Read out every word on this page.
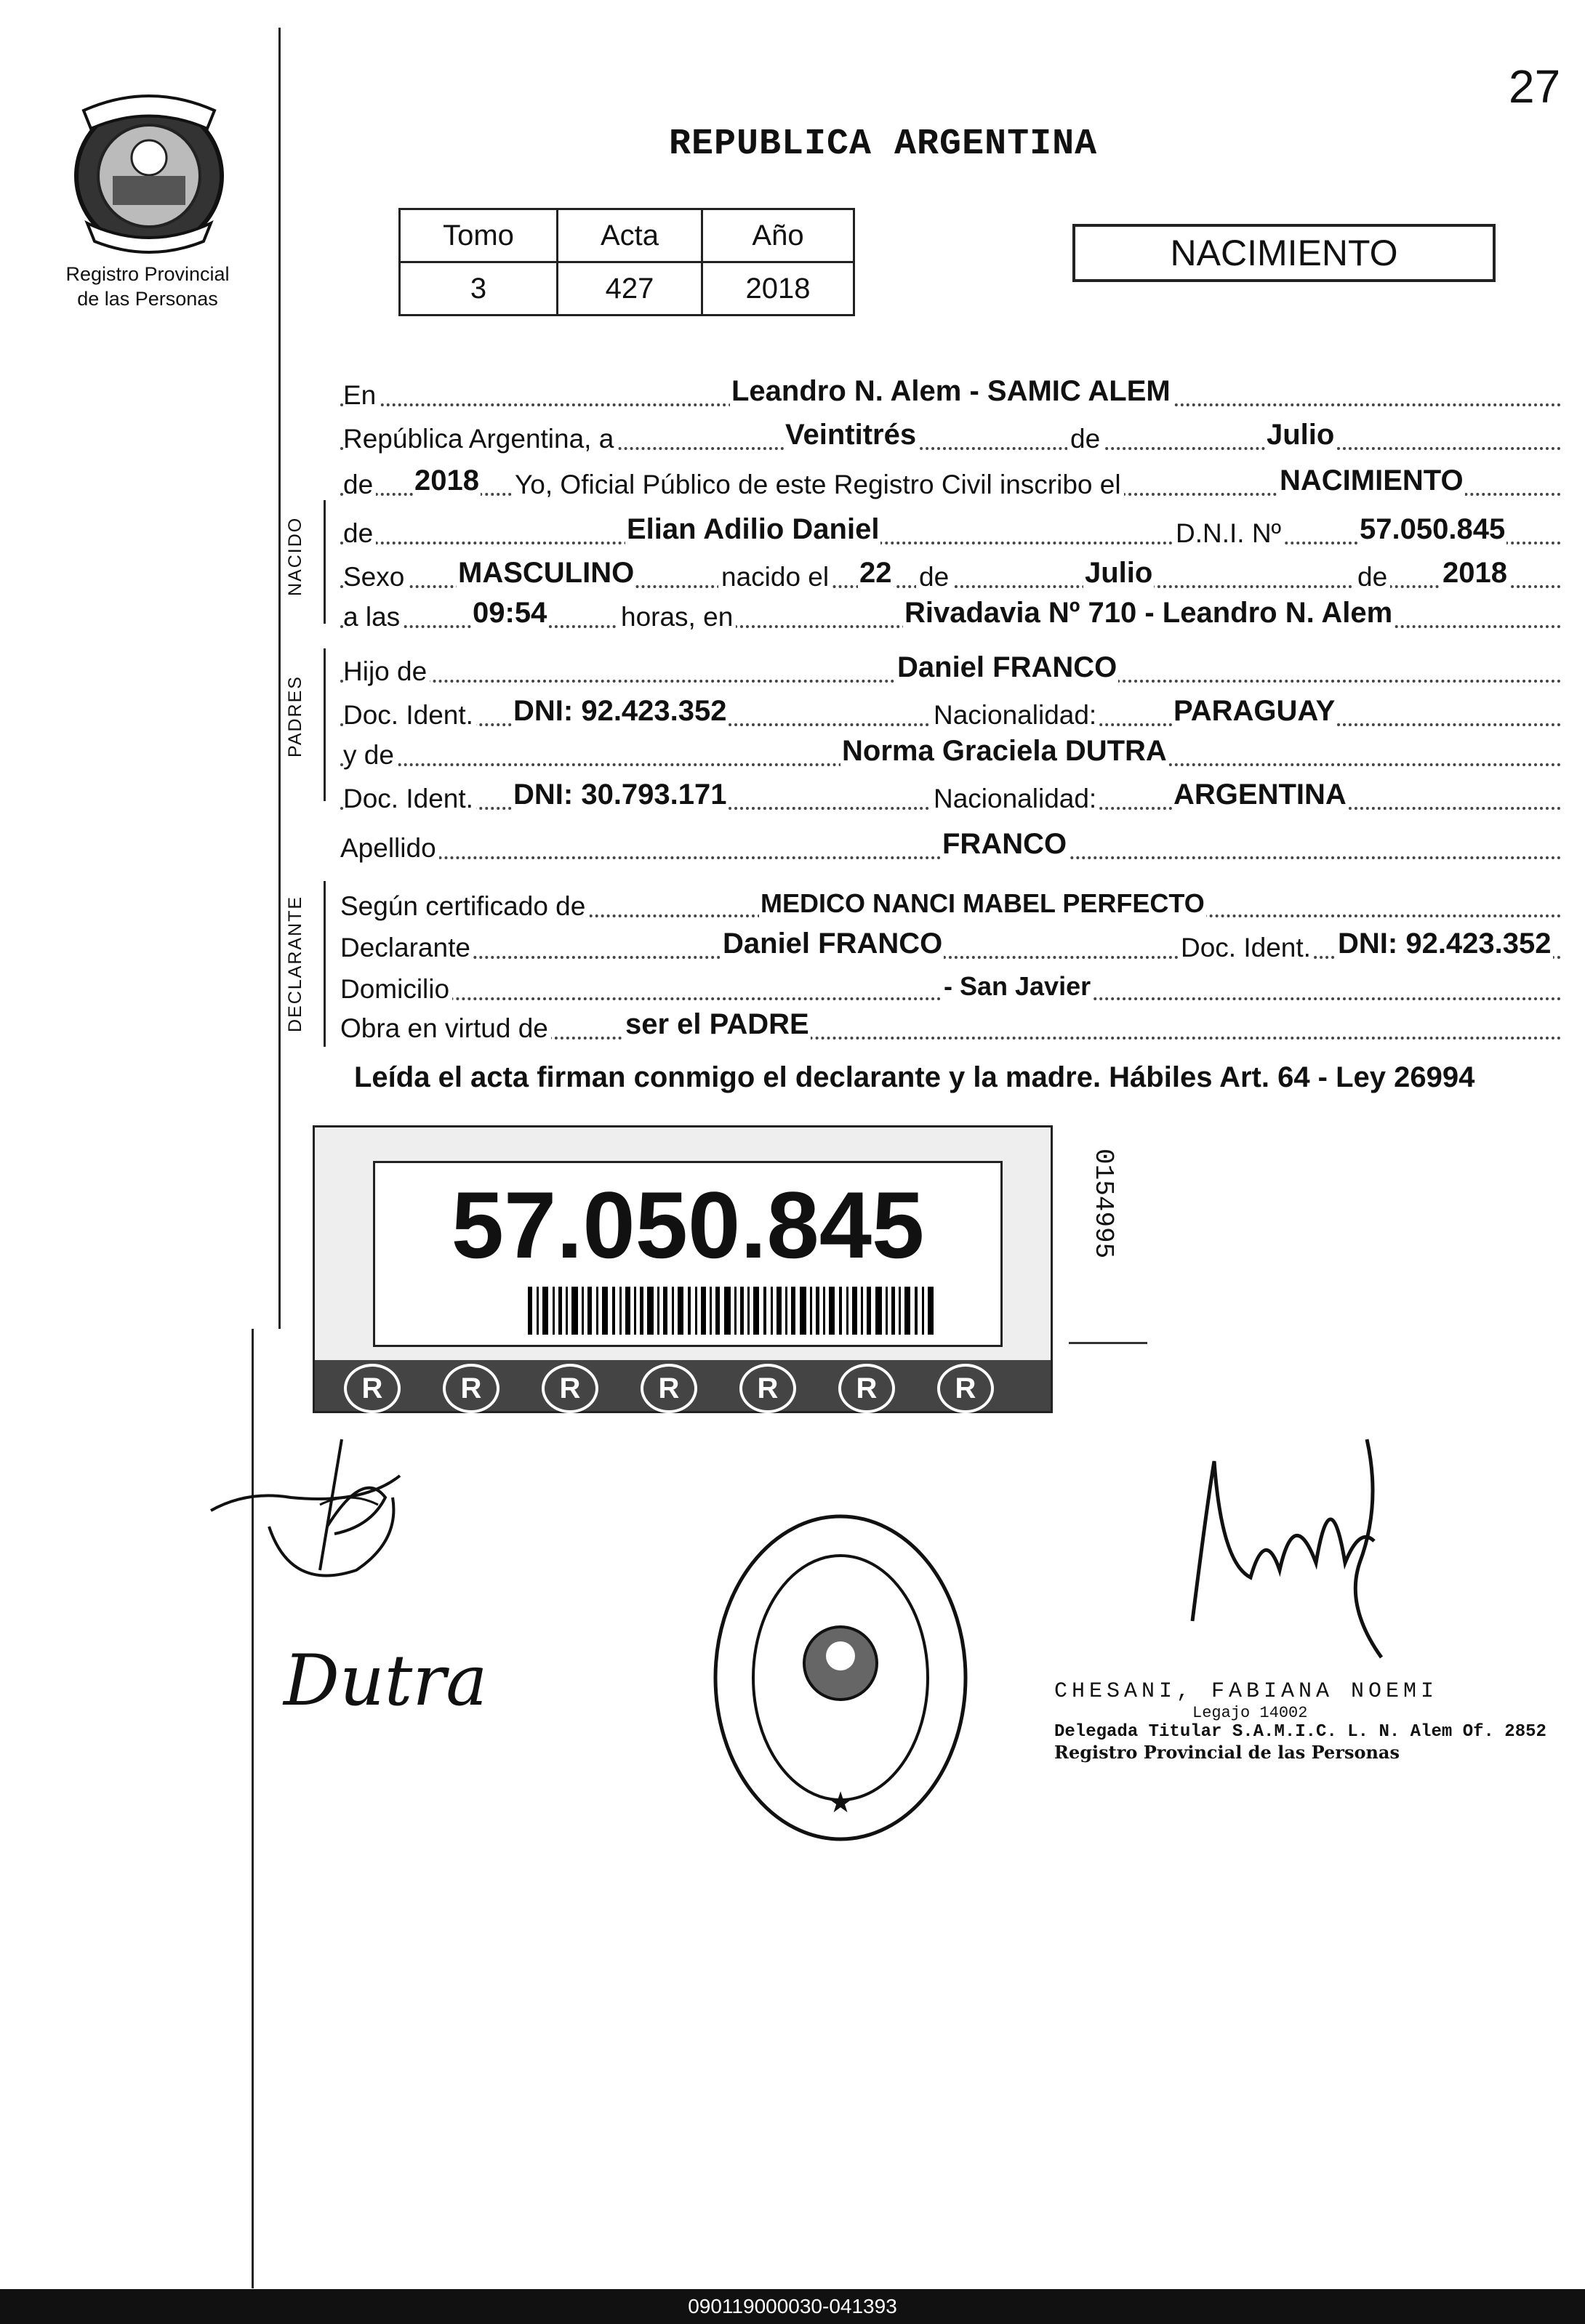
27
Registro Provincial
de las Personas
REPUBLICA ARGENTINA
Tomo	Acta	Año
3	427	2018
NACIMIENTO
En	Leandro N. Alem - SAMIC ALEM
República Argentina, a	Veintitrés	de	Julio
de 2018 Yo, Oficial Público de este Registro Civil inscribo el	NACIMIENTO
NACIDO de	Elian Adilio Daniel	D.N.I. Nº	57.050.845
Sexo MASCULINO	nacido el 22 de	Julio	de 2018
a las 09:54	horas, en	Rivadavia Nº 710 - Leandro N. Alem
PADRES
Hijo de	Daniel FRANCO
Doc. Ident. DNI: 92.423.352	Nacionalidad:	PARAGUAY
y de	Norma Graciela DUTRA
Doc. Ident. DNI: 30.793.171	Nacionalidad:	ARGENTINA
Apellido	FRANCO
DECLARANTE Según certificado de	MEDICO NANCI MABEL PERFECTO
Declarante	Daniel FRANCO	Doc. Ident. DNI: 92.423.352
Domicilio	- San Javier
Obra en virtud de	ser el PADRE
Leída el acta firman conmigo el declarante y la madre. Hábiles Art. 64 - Ley 26994
57.050.845
R	R	R	R	R	R	RR
0154995
Dutra
★
CHESANI, FABIANA NOEMI
Legajo 14002
Delegada Titular S.A.M.I.C. L. N. Alem Of. 2852
Registro Provincial de las Personas
090119000030-041393
